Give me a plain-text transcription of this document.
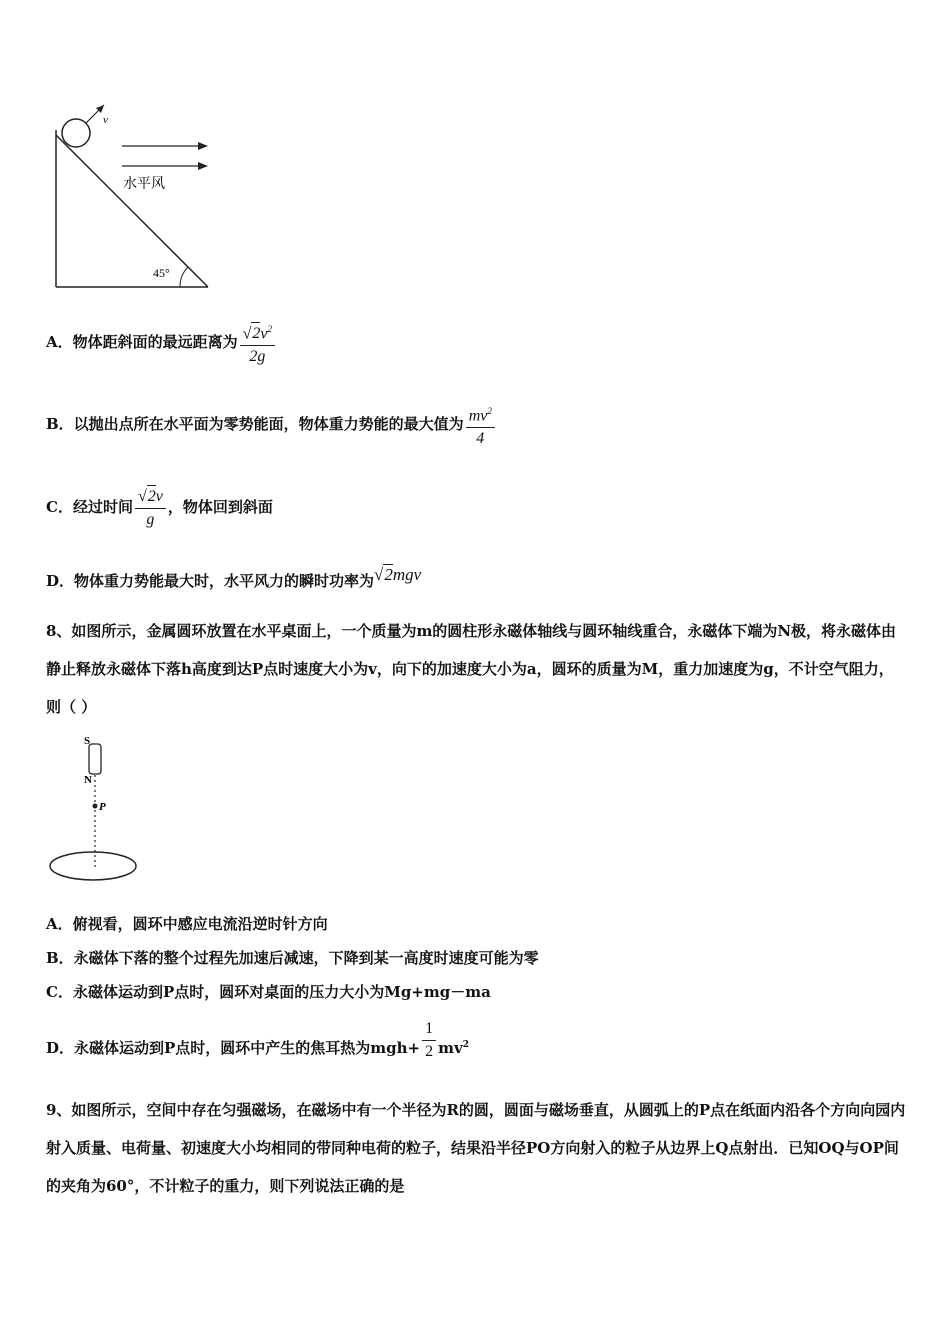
v
水平风
45°
A．物体距斜面的最远距离为 $\frac{√2v^2}{2g}$
B．以抛出点所在水平面为零势能面，物体重力势能的最大值为 $\frac{mv^2}{4}$
C．经过时间 $\frac{√2v}{g}$ ，物体回到斜面
D．物体重力势能最大时，水平风力的瞬时功率为√2mgv
8、如图所示，金属圆环放置在水平桌面上，一个质量为m的圆柱形永磁体轴线与圆环轴线重合，永磁体下端为N极，将永磁体由静止释放永磁体下落h高度到达P点时速度大小为v，向下的加速度大小为a，圆环的质量为M，重力加速度为g，不计空气阻力，则（ ）
S
N
P
A．俯视看，圆环中感应电流沿逆时针方向
B．永磁体下落的整个过程先加速后减速，下降到某一高度时速度可能为零
C．永磁体运动到P点时，圆环对桌面的压力大小为Mg+mg－ma
D．永磁体运动到P点时，圆环中产生的焦耳热为$mgh+ \frac{1}{2} mv^2$
9、如图所示，空间中存在匀强磁场，在磁场中有一个半径为R的圆，圆面与磁场垂直，从圆弧上的P点在纸面内沿各个方向向园内射入质量、电荷量、初速度大小均相同的带同种电荷的粒子，结果沿半径PO方向射入的粒子从边界上Q点射出．已知OQ与OP间的夹角为60°，不计粒子的重力，则下列说法正确的是
